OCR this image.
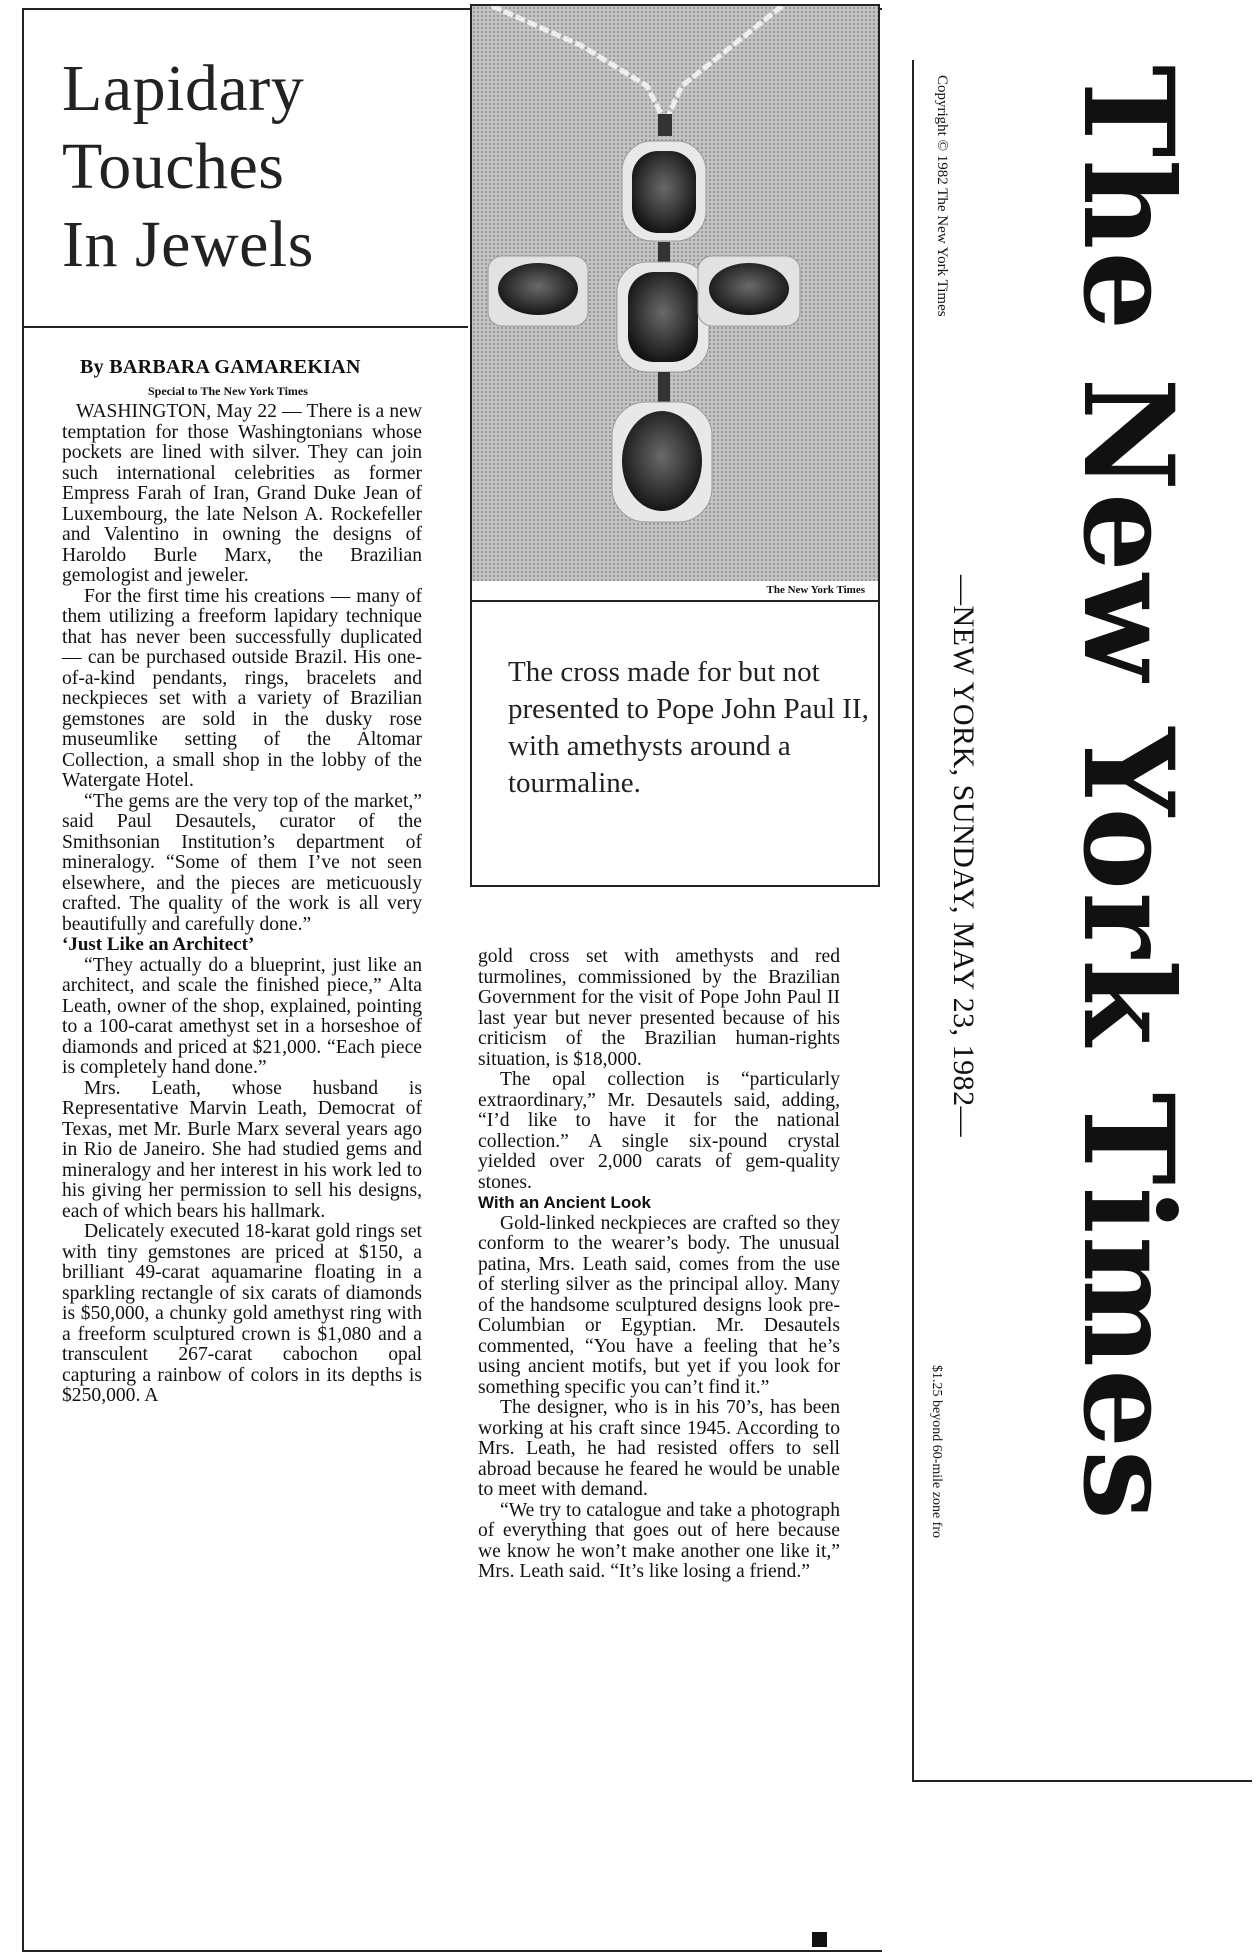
Lapidary
Touches
In Jewels
By BARBARA GAMAREKIAN
Special to The New York Times

WASHINGTON, May 22 — There is a new temptation for those Washingtonians whose pockets are lined with silver. They can join such international celebrities as former Empress Farah of Iran, Grand Duke Jean of Luxembourg, the late Nelson A. Rockefeller and Valentino in owning the designs of Haroldo Burle Marx, the Brazilian gemologist and jeweler.

For the first time his creations — many of them utilizing a freeform lapidary technique that has never been successfully duplicated — can be purchased outside Brazil. His one-of-a-kind pendants, rings, bracelets and neckpieces set with a variety of Brazilian gemstones are sold in the dusky rose museumlike setting of the Altomar Collection, a small shop in the lobby of the Watergate Hotel.

“The gems are the very top of the market,” said Paul Desautels, curator of the Smithsonian Institution’s department of mineralogy. “Some of them I’ve not seen elsewhere, and the pieces are meticuously crafted. The quality of the work is all very beautifully and carefully done.”

‘Just Like an Architect’

“They actually do a blueprint, just like an architect, and scale the finished piece,” Alta Leath, owner of the shop, explained, pointing to a 100-carat amethyst set in a horseshoe of diamonds and priced at $21,000. “Each piece is completely hand done.”

Mrs. Leath, whose husband is Representative Marvin Leath, Democrat of Texas, met Mr. Burle Marx several years ago in Rio de Janeiro. She had studied gems and mineralogy and her interest in his work led to his giving her permission to sell his designs, each of which bears his hallmark.

Delicately executed 18-karat gold rings set with tiny gemstones are priced at $150, a brilliant 49-carat aquamarine floating in a sparkling rectangle of six carats of diamonds is $50,000, a chunky gold amethyst ring with a freeform sculptured crown is $1,080 and a transculent 267-carat cabochon opal capturing a rainbow of colors in its depths is $250,000. A

The New York Times

The cross made for but not presented to Pope John Paul II, with amethysts around a tourmaline.

gold cross set with amethysts and red turmolines, commissioned by the Brazilian Government for the visit of Pope John Paul II last year but never presented because of his criticism of the Brazilian human-rights situation, is $18,000.

The opal collection is “particularly extraordinary,” Mr. Desautels said, adding, “I’d like to have it for the national collection.” A single six-pound crystal yielded over 2,000 carats of gem-quality stones.

With an Ancient Look

Gold-linked neckpieces are crafted so they conform to the wearer’s body. The unusual patina, Mrs. Leath said, comes from the use of sterling silver as the principal alloy. Many of the handsome sculptured designs look pre-Columbian or Egyptian. Mr. Desautels commented, “You have a feeling that he’s using ancient motifs, but yet if you look for something specific you can’t find it.”

The designer, who is in his 70’s, has been working at his craft since 1945. According to Mrs. Leath, he had resisted offers to sell abroad because he feared he would be unable to meet with demand.

“We try to catalogue and take a photograph of everything that goes out of here because we know he won’t make another one like it,” Mrs. Leath said. “It’s like losing a friend.”

The New York Times
Copyright © 1982 The New York Times
—NEW YORK, SUNDAY, MAY 23, 1982—
$1.25 beyond 60-mile zone fro
